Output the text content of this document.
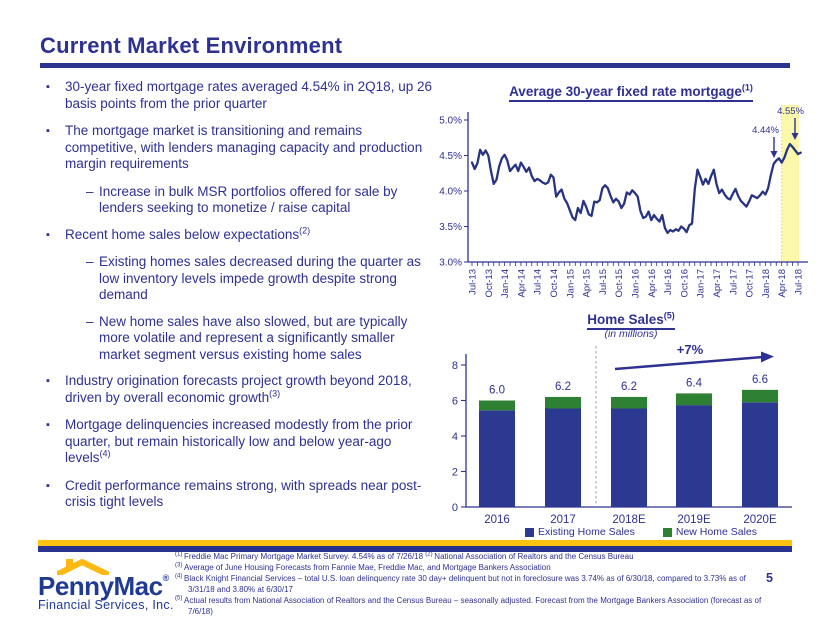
Current Market Environment
▪ 30-year fixed mortgage rates averaged 4.54% in 2Q18, up 26 basis points from the prior quarter
▪ The mortgage market is transitioning and remains competitive, with lenders managing capacity and production margin requirements
– Increase in bulk MSR portfolios offered for sale by lenders seeking to monetize / raise capital
▪ Recent home sales below expectations$^{(2)}$
– Existing homes sales decreased during the quarter as low inventory levels impede growth despite strong demand
– New home sales have also slowed, but are typically more volatile and represent a significantly smaller market segment versus existing home sales
▪ Industry origination forecasts project growth beyond 2018, driven by overall economic growth$^{(3)}$
▪ Mortgage delinquencies increased modestly from the prior quarter, but remain historically low and below year-ago levels$^{(4)}$
▪ Credit performance remains strong, with spreads near post-crisis tight levels
Average 30-year fixed rate mortgage$^{(1)}$
5.0%
4.5%
4.0%
3.5%
3.0%
Jul-13 Oct-13 Jan-14 Apr-14 Jul-14 Oct-14 Jan-15 Apr-15 Jul-15 Oct-15 Jan-16 Apr-16 Jul-16 Oct-16 Jan-17 Apr-17 Jul-17 Oct-17 Jan-18 Apr-18 Jul-18
4.44%
4.55%
Home Sales$^{(5)}$
(in millions)
0
2
4
6
8
6.0
2016
6.2
2017
6.2
2018E
6.4
2019E
6.6
2020E
+7%
Existing Home Sales	New Home Sales
PennyMac®
Financial Services, Inc.
$^{(1)}$ Freddie Mac Primary Mortgage Market Survey. 4.54% as of 7/26/18 $^{(2)}$ National Association of Realtors and the Census Bureau
$^{(3)}$ Average of June Housing Forecasts from Fannie Mae, Freddie Mac, and Mortgage Bankers Association
$^{(4)}$ Black Knight Financial Services – total U.S. loan delinquency rate 30 day+ delinquent but not in foreclosure was 3.74% as of 6/30/18, compared to 3.73% as of 3/31/18 and 3.80% at 6/30/17
$^{(5)}$ Actual results from National Association of Realtors and the Census Bureau – seasonally adjusted. Forecast from the Mortgage Bankers Association (forecast as of 7/6/18)
5
